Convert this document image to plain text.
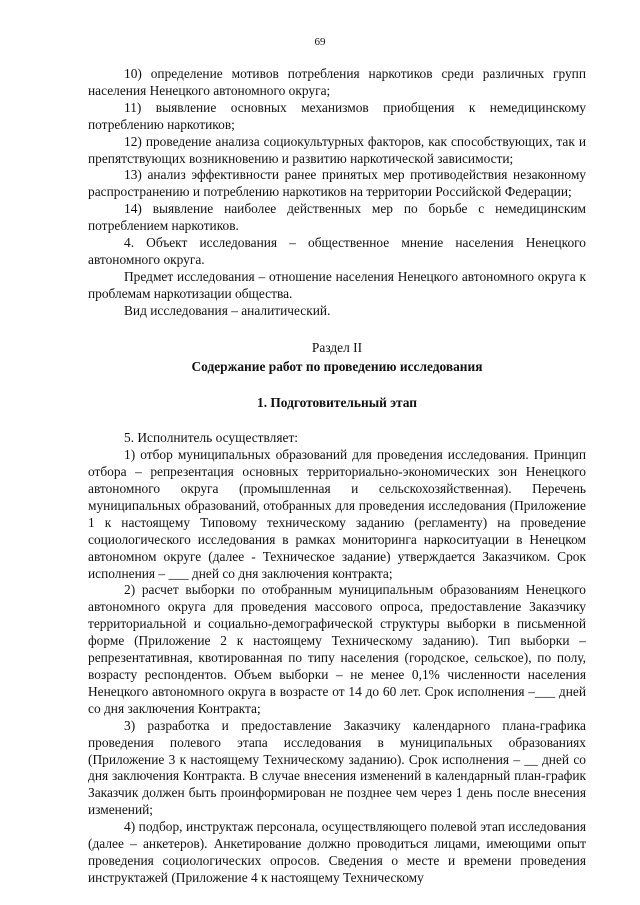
69

10) определение мотивов потребления наркотиков среди различных групп населения Ненецкого автономного округа;

11) выявление основных механизмов приобщения к немедицинскому потреблению наркотиков;

12) проведение анализа социокультурных факторов, как способствующих, так и препятствующих возникновению и развитию наркотической зависимости;

13) анализ эффективности ранее принятых мер противодействия незаконному распространению и потреблению наркотиков на территории Российской Федерации;

14) выявление наиболее действенных мер по борьбе с немедицинским потреблением наркотиков.

4. Объект исследования – общественное мнение населения Ненецкого автономного округа.

Предмет исследования – отношение населения Ненецкого автономного округа к проблемам наркотизации общества.

Вид исследования – аналитический.

Раздел II
Содержание работ по проведению исследования
1. Подготовительный этап

5. Исполнитель осуществляет:

1) отбор муниципальных образований для проведения исследования. Принцип отбора – репрезентация основных территориально-экономических зон Ненецкого автономного округа (промышленная и сельскохозяйственная). Перечень муниципальных образований, отобранных для проведения исследования (Приложение 1 к настоящему Типовому техническому заданию (регламенту) на проведение социологического исследования в рамках мониторинга наркоситуации в Ненецком автономном округе (далее - Техническое задание) утверждается Заказчиком. Срок исполнения – ___ дней со дня заключения контракта;

2) расчет выборки по отобранным муниципальным образованиям Ненецкого автономного округа для проведения массового опроса, предоставление Заказчику территориальной и социально-демографической структуры выборки в письменной форме (Приложение 2 к настоящему Техническому заданию). Тип выборки – репрезентативная, квотированная по типу населения (городское, сельское), по полу, возрасту респондентов. Объем выборки – не менее 0,1% численности населения Ненецкого автономного округа в возрасте от 14 до 60 лет. Срок исполнения –___ дней со дня заключения Контракта;

3) разработка и предоставление Заказчику календарного плана-графика проведения полевого этапа исследования в муниципальных образованиях (Приложение 3 к настоящему Техническому заданию). Срок исполнения – __ дней со дня заключения Контракта. В случае внесения изменений в календарный план-график Заказчик должен быть проинформирован не позднее чем через 1 день после внесения изменений;

4) подбор, инструктаж персонала, осуществляющего полевой этап исследования (далее – анкетеров). Анкетирование должно проводиться лицами, имеющими опыт проведения социологических опросов. Сведения о месте и времени проведения инструктажей (Приложение 4 к настоящему Техническому
